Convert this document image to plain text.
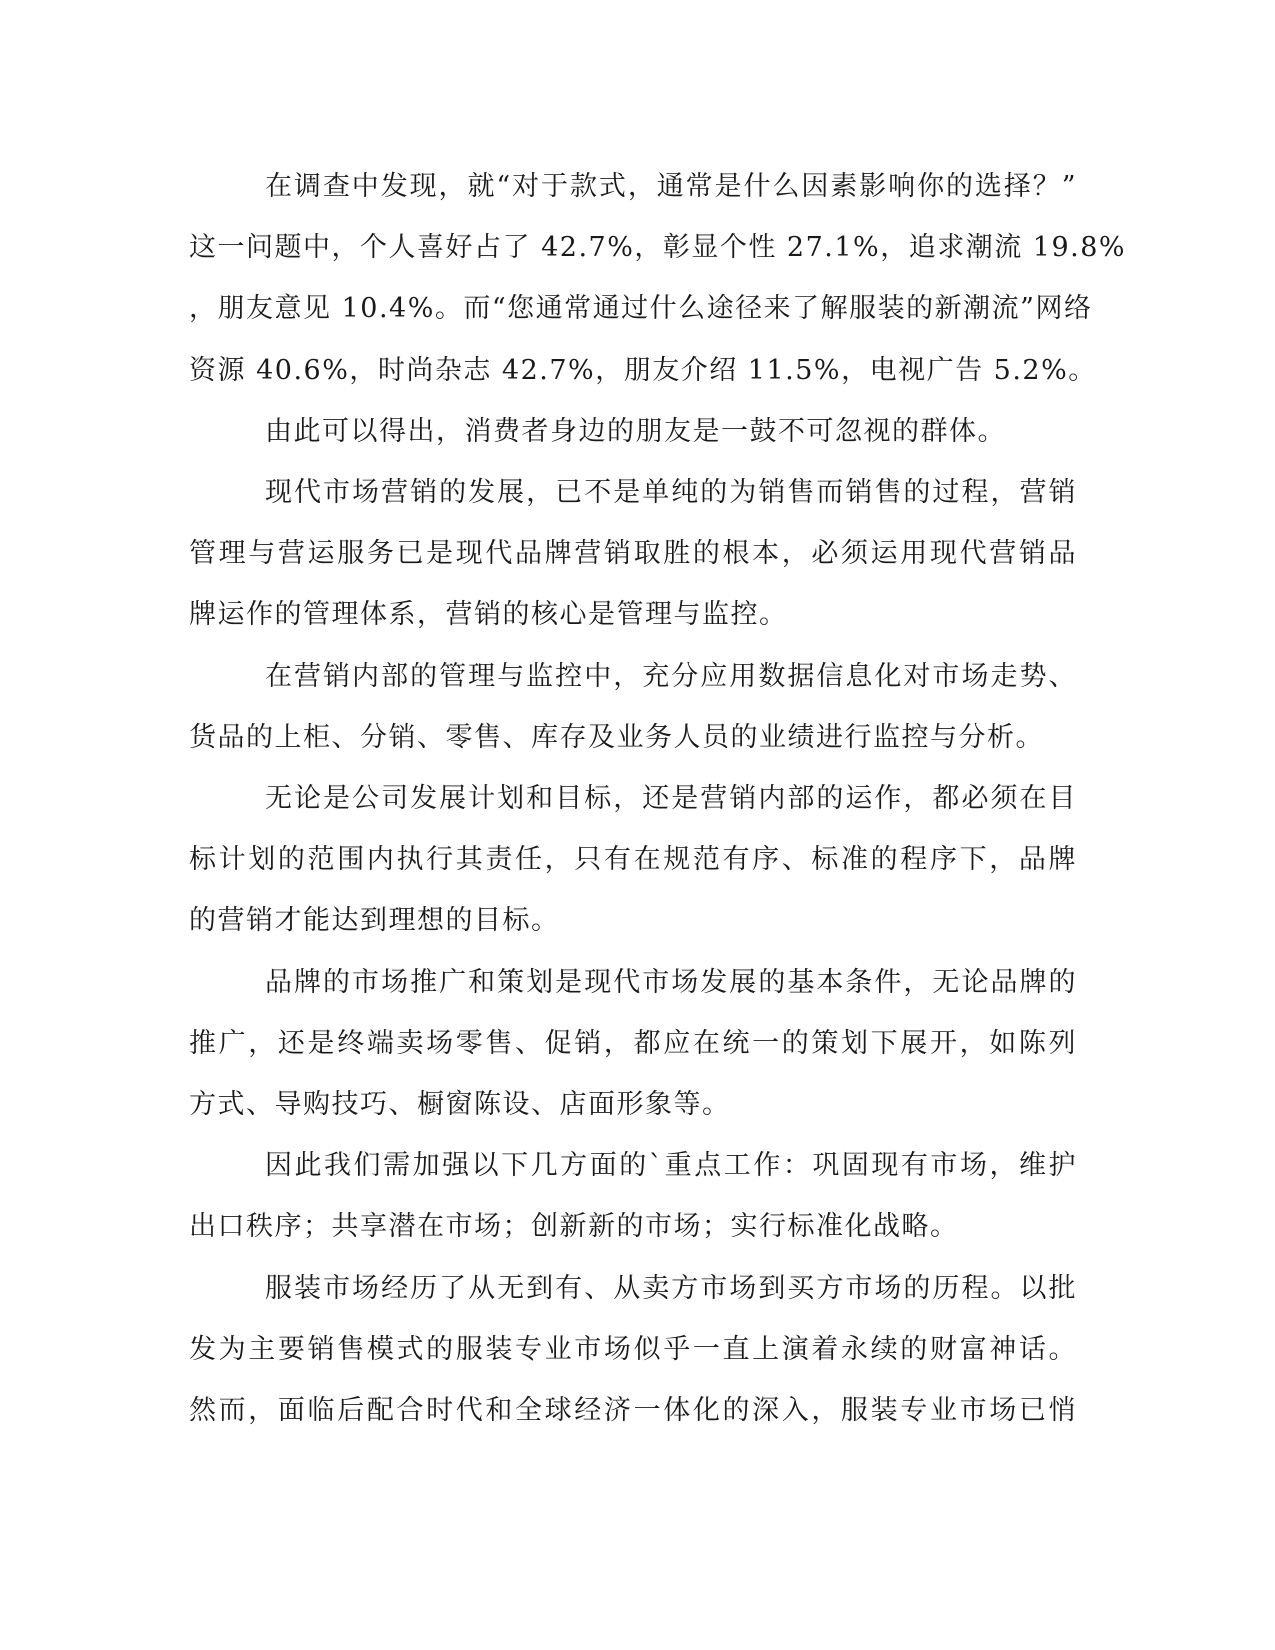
在调查中发现，就“对于款式，通常是什么因素影响你的选择？”
这一问题中，个人喜好占了 42.7%，彰显个性 27.1%，追求潮流 19.8%
，朋友意见 10.4%。而“您通常通过什么途径来了解服装的新潮流”网络
资源 40.6%，时尚杂志 42.7%，朋友介绍 11.5%，电视广告 5.2%。

由此可以得出，消费者身边的朋友是一鼓不可忽视的群体。

现代市场营销的发展，已不是单纯的为销售而销售的过程，营销
管理与营运服务已是现代品牌营销取胜的根本，必须运用现代营销品
牌运作的管理体系，营销的核心是管理与监控。

在营销内部的管理与监控中，充分应用数据信息化对市场走势、
货品的上柜、分销、零售、库存及业务人员的业绩进行监控与分析。

无论是公司发展计划和目标，还是营销内部的运作，都必须在目
标计划的范围内执行其责任，只有在规范有序、标准的程序下，品牌
的营销才能达到理想的目标。

品牌的市场推广和策划是现代市场发展的基本条件，无论品牌的
推广，还是终端卖场零售、促销，都应在统一的策划下展开，如陈列
方式、导购技巧、橱窗陈设、店面形象等。

因此我们需加强以下几方面的`重点工作：巩固现有市场，维护
出口秩序；共享潜在市场；创新新的市场；实行标准化战略。

服装市场经历了从无到有、从卖方市场到买方市场的历程。以批
发为主要销售模式的服装专业市场似乎一直上演着永续的财富神话。
然而，面临后配合时代和全球经济一体化的深入，服装专业市场已悄
